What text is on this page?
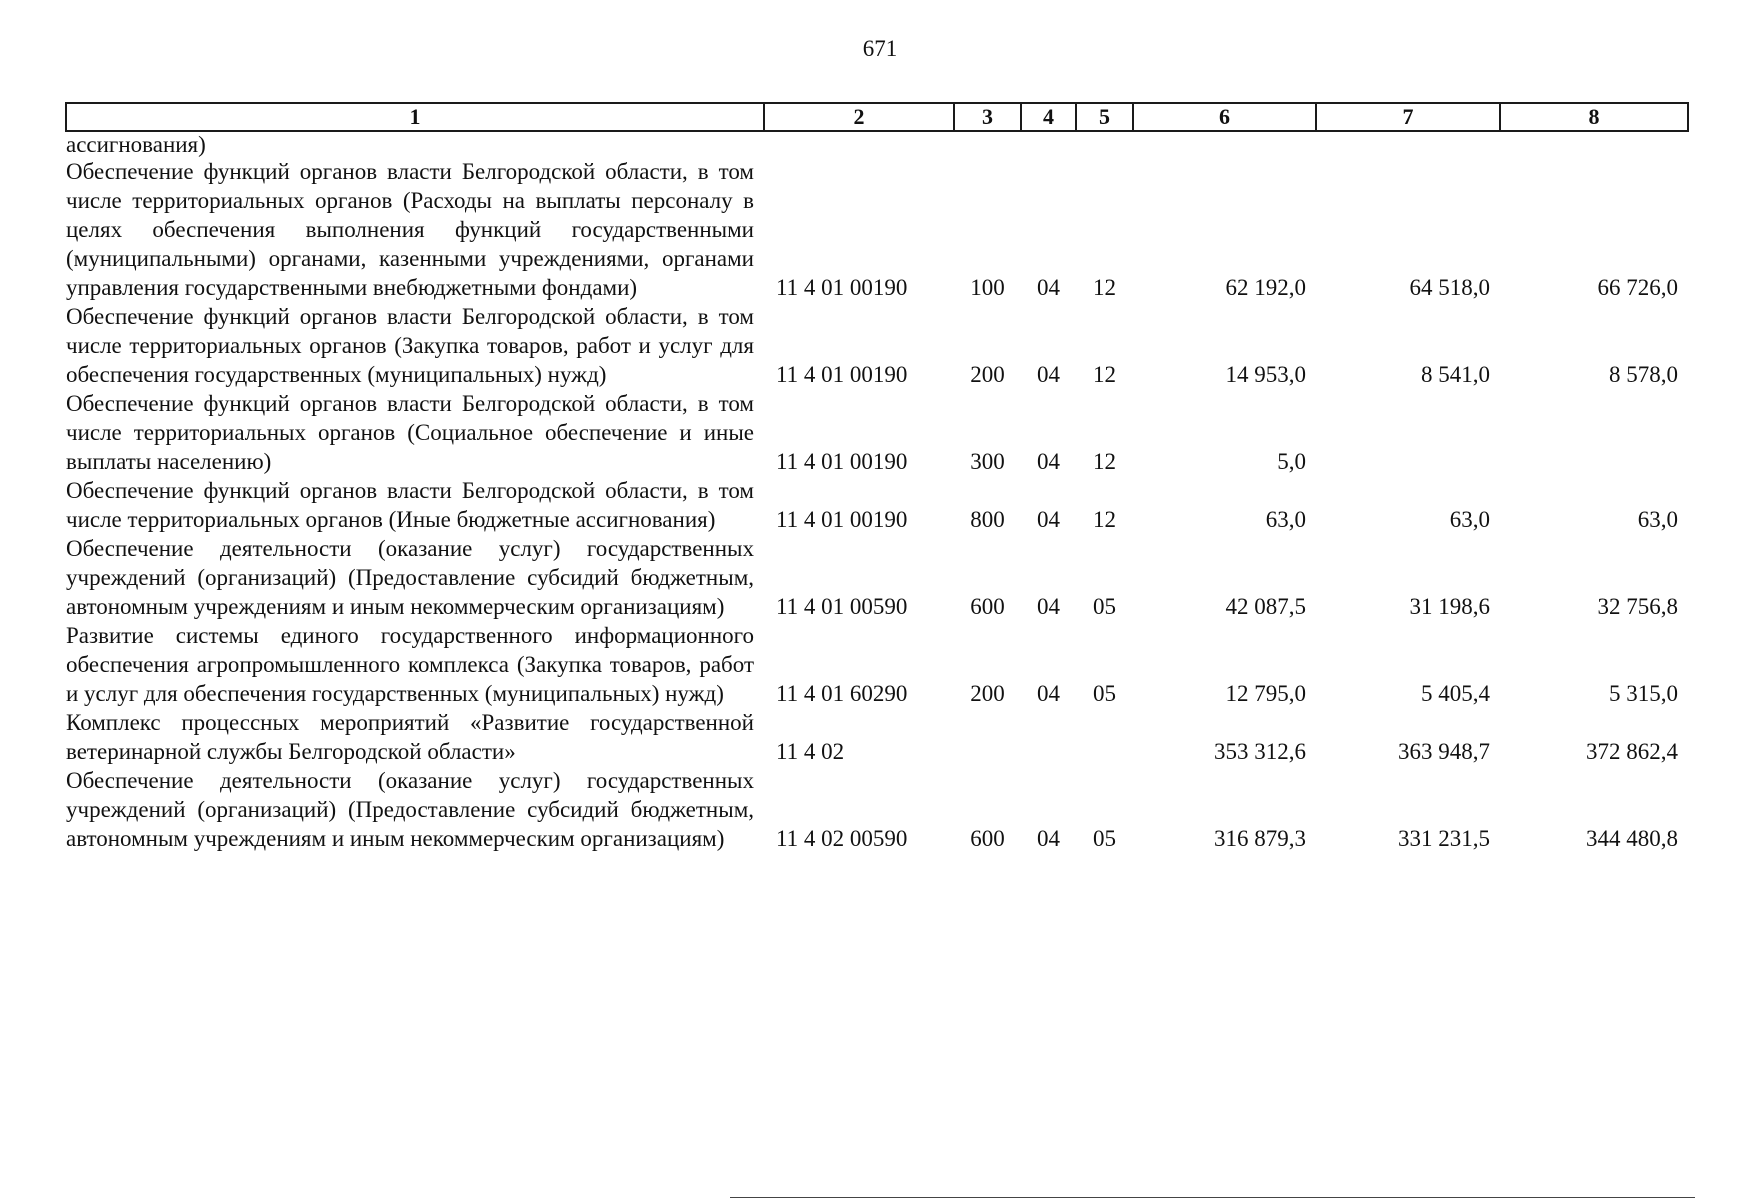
671
1	2	3	4	5	6	7	8
ассигнования)							
Обеспечение функций органов власти Белгородской области, в том числе территориальных органов (Расходы на выплаты персоналу в целях обеспечения выполнения функций государственными (муниципальными) органами, казенными учреждениями, органами управления государственными внебюджетными фондами)	11 4 01 00190	100	04	12	62 192,0	64 518,0	66 726,0
Обеспечение функций органов власти Белгородской области, в том числе территориальных органов (Закупка товаров, работ и услуг для обеспечения государственных (муниципальных) нужд)	11 4 01 00190	200	04	12	14 953,0	8 541,0	8 578,0
Обеспечение функций органов власти Белгородской области, в том числе территориальных органов (Социальное обеспечение и иные выплаты населению)	11 4 01 00190	300	04	12	5,0		
Обеспечение функций органов власти Белгородской области, в том числе территориальных органов (Иные бюджетные ассигнования)	11 4 01 00190	800	04	12	63,0	63,0	63,0
Обеспечение деятельности (оказание услуг) государственных учреждений (организаций) (Предоставление субсидий бюджетным, автономным учреждениям и иным некоммерческим организациям)	11 4 01 00590	600	04	05	42 087,5	31 198,6	32 756,8
Развитие системы единого государственного информационного обеспечения агропромышленного комплекса (Закупка товаров, работ и услуг для обеспечения государственных (муниципальных) нужд)	11 4 01 60290	200	04	05	12 795,0	5 405,4	5 315,0
Комплекс процессных мероприятий «Развитие государственной ветеринарной службы Белгородской области»	11 4 02				353 312,6	363 948,7	372 862,4
Обеспечение деятельности (оказание услуг) государственных учреждений (организаций) (Предоставление субсидий бюджетным, автономным учреждениям и иным некоммерческим организациям)	11 4 02 00590	600	04	05	316 879,3	331 231,5	344 480,8
